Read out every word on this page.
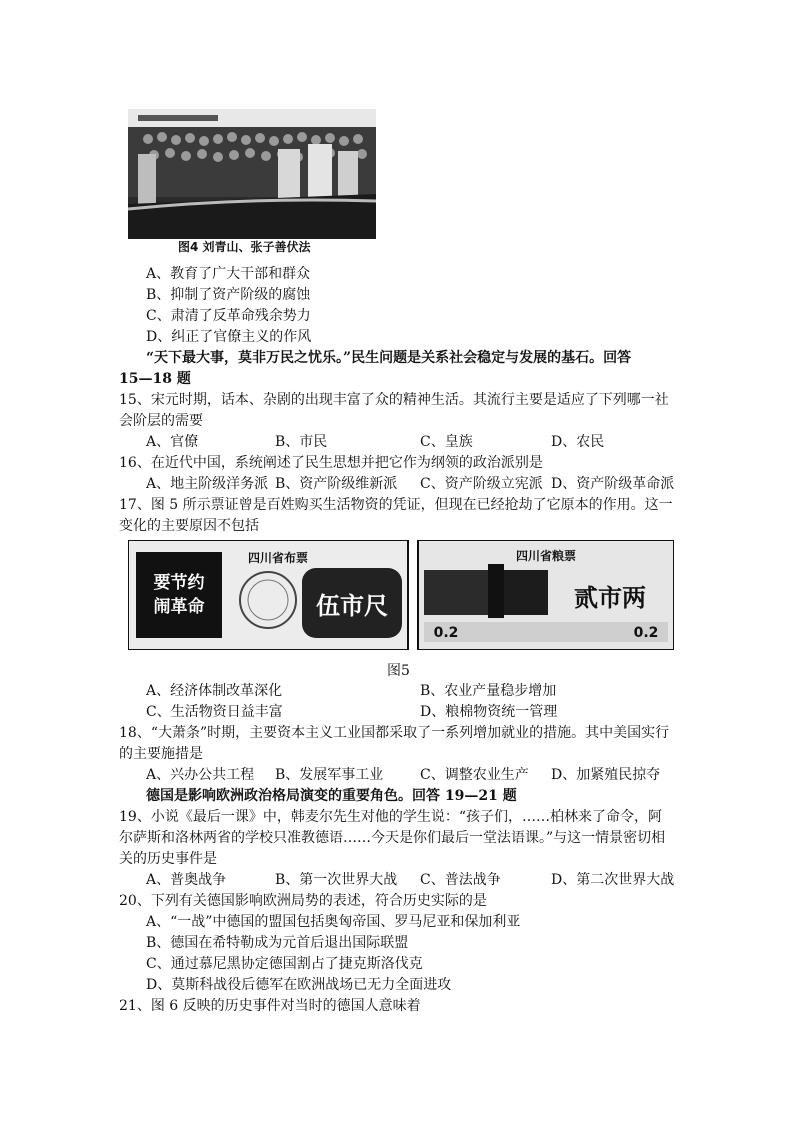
图4 刘青山、张子善伏法
A、教育了广大干部和群众
B、抑制了资产阶级的腐蚀
C、肃清了反革命残余势力
D、纠正了官僚主义的作风
“天下最大事，莫非万民之忧乐。”民生问题是关系社会稳定与发展的基石。回答
15—18 题
15、宋元时期，话本、杂剧的出现丰富了众的精神生活。其流行主要是适应了下列哪一社
会阶层的需要
A、官僚	B、市民	C、皇族	D、农民
16、在近代中国，系统阐述了民生思想并把它作为纲领的政治派别是
A、地主阶级洋务派 B、资产阶级维新派 C、资产阶级立宪派 D、资产阶级革命派
17、图 5 所示票证曾是百姓购买生活物资的凭证，但现在已经抢劫了它原本的作用。这一
变化的主要原因不包括
要节约
闹革命
四川省布票
伍市尺
四川省粮票
贰市两
0.2	0.2
图5
A、经济体制改革深化	B、农业产量稳步增加
C、生活物资日益丰富	D、粮棉物资统一管理
18、“大萧条”时期，主要资本主义工业国都采取了一系列增加就业的措施。其中美国实行
的主要施措是
A、兴办公共工程 B、发展军事工业	C、调整农业生产 D、加紧殖民掠夺
德国是影响欧洲政治格局演变的重要角色。回答 19—21 题
19、小说《最后一课》中，韩麦尔先生对他的学生说：“孩子们，……柏林来了命令，阿
尔萨斯和洛林两省的学校只准教德语……今天是你们最后一堂法语课。”与这一情景密切相
关的历史事件是
A、普奥战争	B、第一次世界大战 C、普法战争	D、第二次世界大战
20、下列有关德国影响欧洲局势的表述，符合历史实际的是
A、“一战”中德国的盟国包括奥匈帝国、罗马尼亚和保加利亚
B、德国在希特勒成为元首后退出国际联盟
C、通过慕尼黑协定德国割占了捷克斯洛伐克
D、莫斯科战役后德军在欧洲战场已无力全面进攻
21、图 6 反映的历史事件对当时的德国人意味着
